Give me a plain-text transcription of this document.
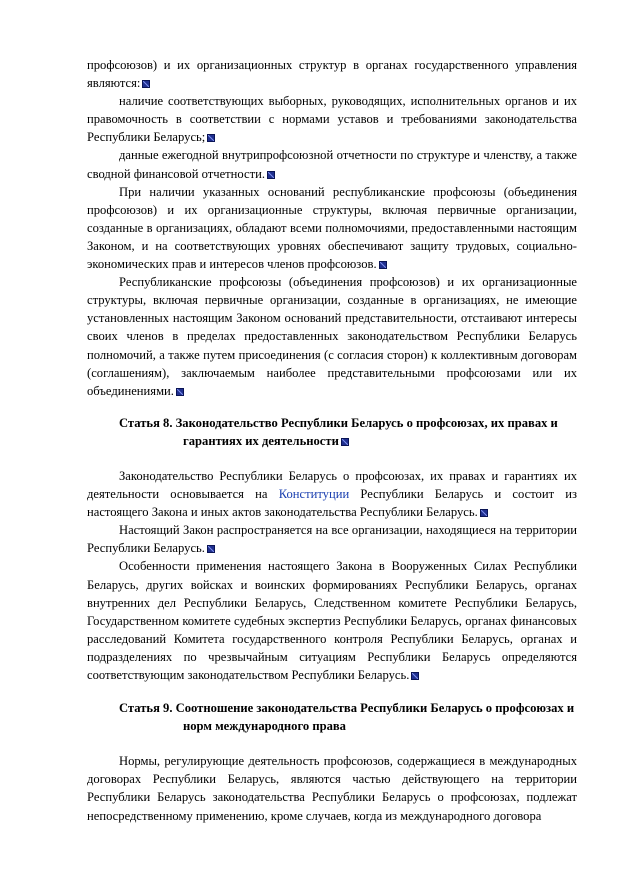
профсоюзов) и их организационных структур в органах государственного управления являются:

наличие соответствующих выборных, руководящих, исполнительных органов и их правомочность в соответствии с нормами уставов и требованиями законодательства Республики Беларусь;

данные ежегодной внутрипрофсоюзной отчетности по структуре и членству, а также сводной финансовой отчетности.

При наличии указанных оснований республиканские профсоюзы (объединения профсоюзов) и их организационные структуры, включая первичные организации, созданные в организациях, обладают всеми полномочиями, предоставленными настоящим Законом, и на соответствующих уровнях обеспечивают защиту трудовых, социально-экономических прав и интересов членов профсоюзов.

Республиканские профсоюзы (объединения профсоюзов) и их организационные структуры, включая первичные организации, созданные в организациях, не имеющие установленных настоящим Законом оснований представительности, отстаивают интересы своих членов в пределах предоставленных законодательством Республики Беларусь полномочий, а также путем присоединения (с согласия сторон) к коллективным договорам (соглашениям), заключаемым наиболее представительными профсоюзами или их объединениями.

Статья 8. Законодательство Республики Беларусь о профсоюзах, их правах и гарантиях их деятельности

Законодательство Республики Беларусь о профсоюзах, их правах и гарантиях их деятельности основывается на Конституции Республики Беларусь и состоит из настоящего Закона и иных актов законодательства Республики Беларусь.

Настоящий Закон распространяется на все организации, находящиеся на территории Республики Беларусь.

Особенности применения настоящего Закона в Вооруженных Силах Республики Беларусь, других войсках и воинских формированиях Республики Беларусь, органах внутренних дел Республики Беларусь, Следственном комитете Республики Беларусь, Государственном комитете судебных экспертиз Республики Беларусь, органах финансовых расследований Комитета государственного контроля Республики Беларусь, органах и подразделениях по чрезвычайным ситуациям Республики Беларусь определяются соответствующим законодательством Республики Беларусь.

Статья 9. Соотношение законодательства Республики Беларусь о профсоюзах и норм международного права

Нормы, регулирующие деятельность профсоюзов, содержащиеся в международных договорах Республики Беларусь, являются частью действующего на территории Республики Беларусь законодательства Республики Беларусь о профсоюзах, подлежат непосредственному применению, кроме случаев, когда из международного договора
